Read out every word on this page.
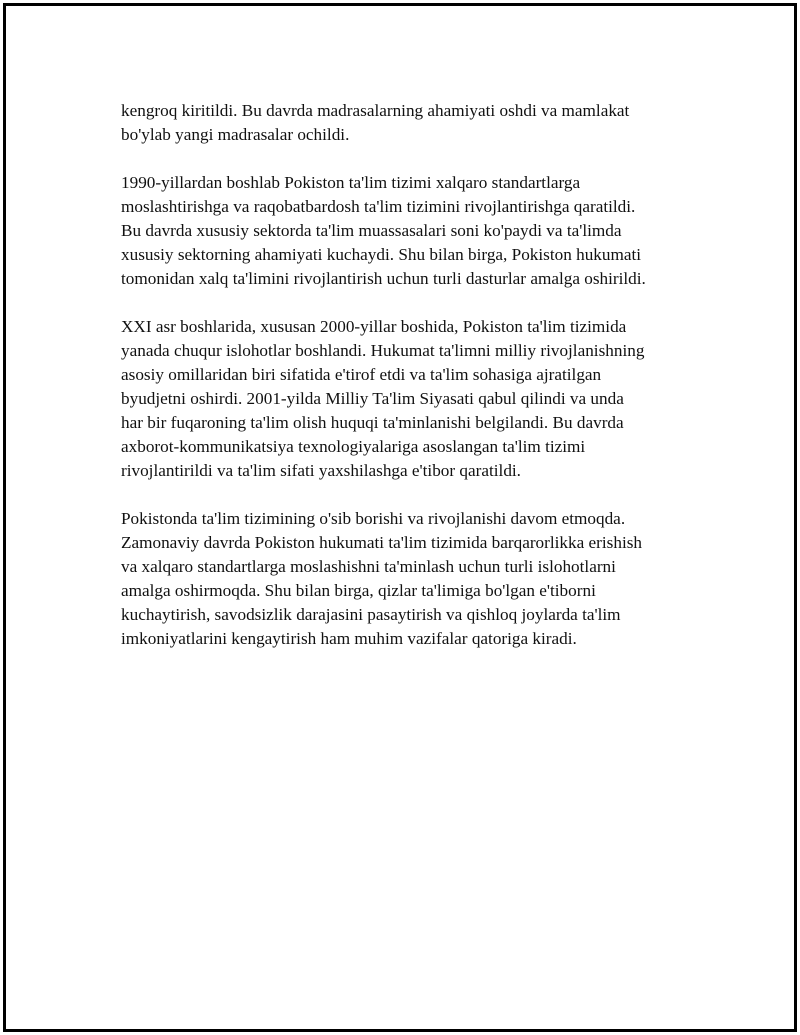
kengroq kiritildi. Bu davrda madrasalarning ahamiyati oshdi va mamlakat
bo'ylab yangi madrasalar ochildi.

1990-yillardan boshlab Pokiston ta'lim tizimi xalqaro standartlarga
moslashtirishga va raqobatbardosh ta'lim tizimini rivojlantirishga qaratildi.
Bu davrda xususiy sektorda ta'lim muassasalari soni ko'paydi va ta'limda
xususiy sektorning ahamiyati kuchaydi. Shu bilan birga, Pokiston hukumati
tomonidan xalq ta'limini rivojlantirish uchun turli dasturlar amalga oshirildi.

XXI asr boshlarida, xususan 2000-yillar boshida, Pokiston ta'lim tizimida
yanada chuqur islohotlar boshlandi. Hukumat ta'limni milliy rivojlanishning
asosiy omillaridan biri sifatida e'tirof etdi va ta'lim sohasiga ajratilgan
byudjetni oshirdi. 2001-yilda Milliy Ta'lim Siyasati qabul qilindi va unda
har bir fuqaroning ta'lim olish huquqi ta'minlanishi belgilandi. Bu davrda
axborot-kommunikatsiya texnologiyalariga asoslangan ta'lim tizimi
rivojlantirildi va ta'lim sifati yaxshilashga e'tibor qaratildi.

Pokistonda ta'lim tizimining o'sib borishi va rivojlanishi davom etmoqda.
Zamonaviy davrda Pokiston hukumati ta'lim tizimida barqarorlikka erishish
va xalqaro standartlarga moslashishni ta'minlash uchun turli islohotlarni
amalga oshirmoqda. Shu bilan birga, qizlar ta'limiga bo'lgan e'tiborni
kuchaytirish, savodsizlik darajasini pasaytirish va qishloq joylarda ta'lim
imkoniyatlarini kengaytirish ham muhim vazifalar qatoriga kiradi.
